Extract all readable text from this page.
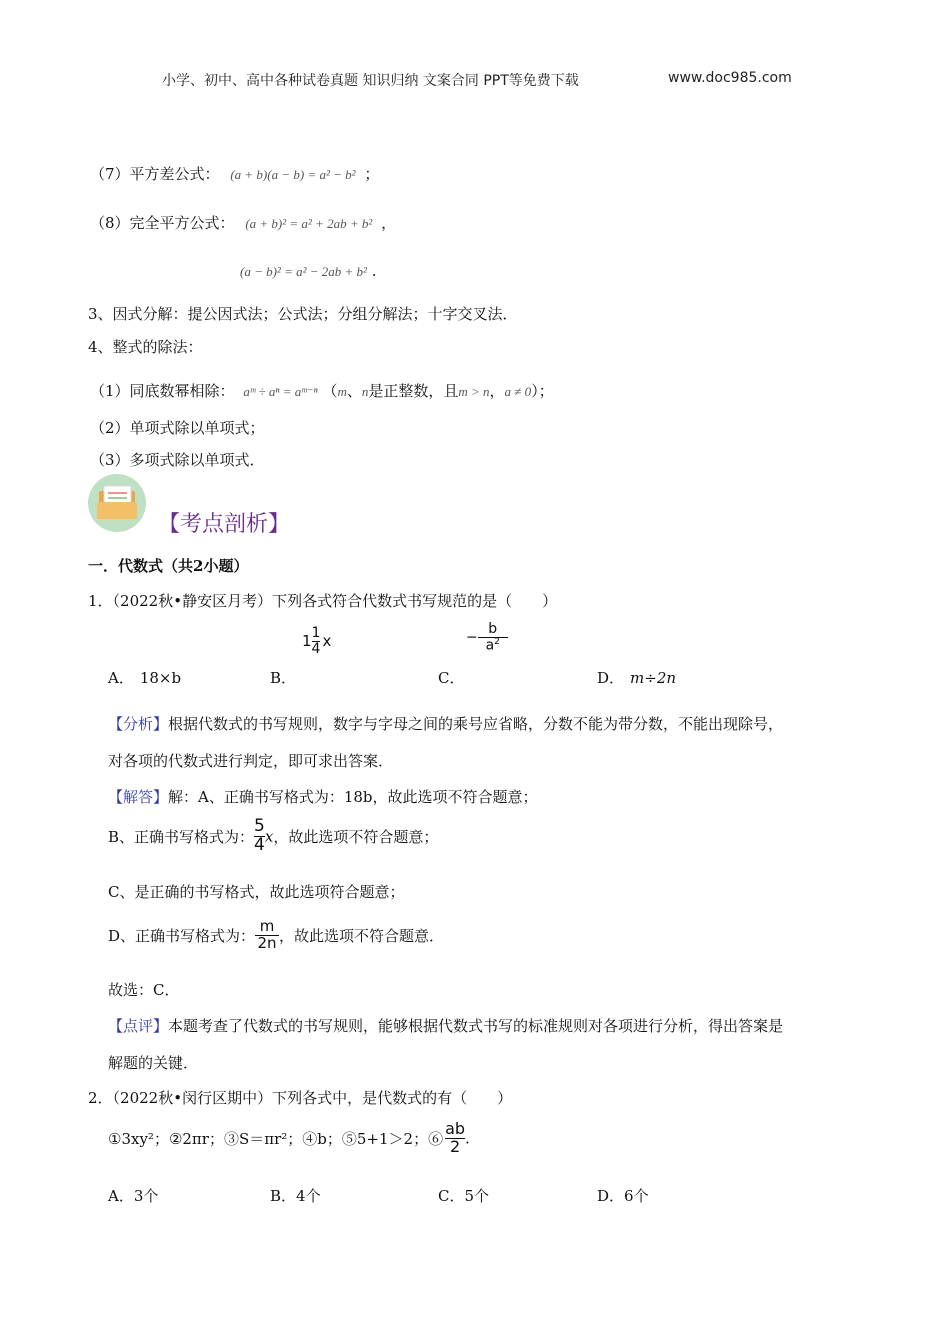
小学、初中、高中各种试卷真题 知识归纳 文案合同 PPT等免费下载	www.doc985.com
（7）平方差公式： (a + b)(a − b) = a² − b² ；
（8）完全平方公式： (a + b)² = a² + 2ab + b² ，
(a − b)² = a² − 2ab + b² .
3、因式分解：提公因式法；公式法；分组分解法；十字交叉法．
4、整式的除法：
（1）同底数幂相除： aᵐ ÷ aⁿ = aᵐ⁻ⁿ （m、n是正整数，且m > n，a ≠ 0）；
（2）单项式除以单项式；
（3）多项式除以单项式．
【考点剖析】
一．代数式（共2小题）
1．（2022秋•静安区月考）下列各式符合代数式书写规范的是（　　）
A． 18×b	B．
$1 \frac{1}{4}$ x
C．
− $\frac{b}{a^2}$
D． m÷2n
【分析】根据代数式的书写规则，数字与字母之间的乘号应省略，分数不能为带分数，不能出现除号，
对各项的代数式进行判定，即可求出答案．
【解答】解：A、正确书写格式为：18b，故此选项不符合题意；
B、正确书写格式为： $\frac{5}{4}$ x，故此选项不符合题意；
C、是正确的书写格式，故此选项符合题意；
D、正确书写格式为： $\frac{m}{2n}$ ，故此选项不符合题意．
故选：C．
【点评】本题考查了代数式的书写规则，能够根据代数式书写的标准规则对各项进行分析，得出答案是
解题的关键．
2．（2022秋•闵行区期中）下列各式中，是代数式的有（　　）
①3xy²；②2πr；③S＝πr²；④b；⑤5+1＞2；⑥ $\frac{ab}{2}$ .
A．3个	B．4个	C．5个	D．6个
